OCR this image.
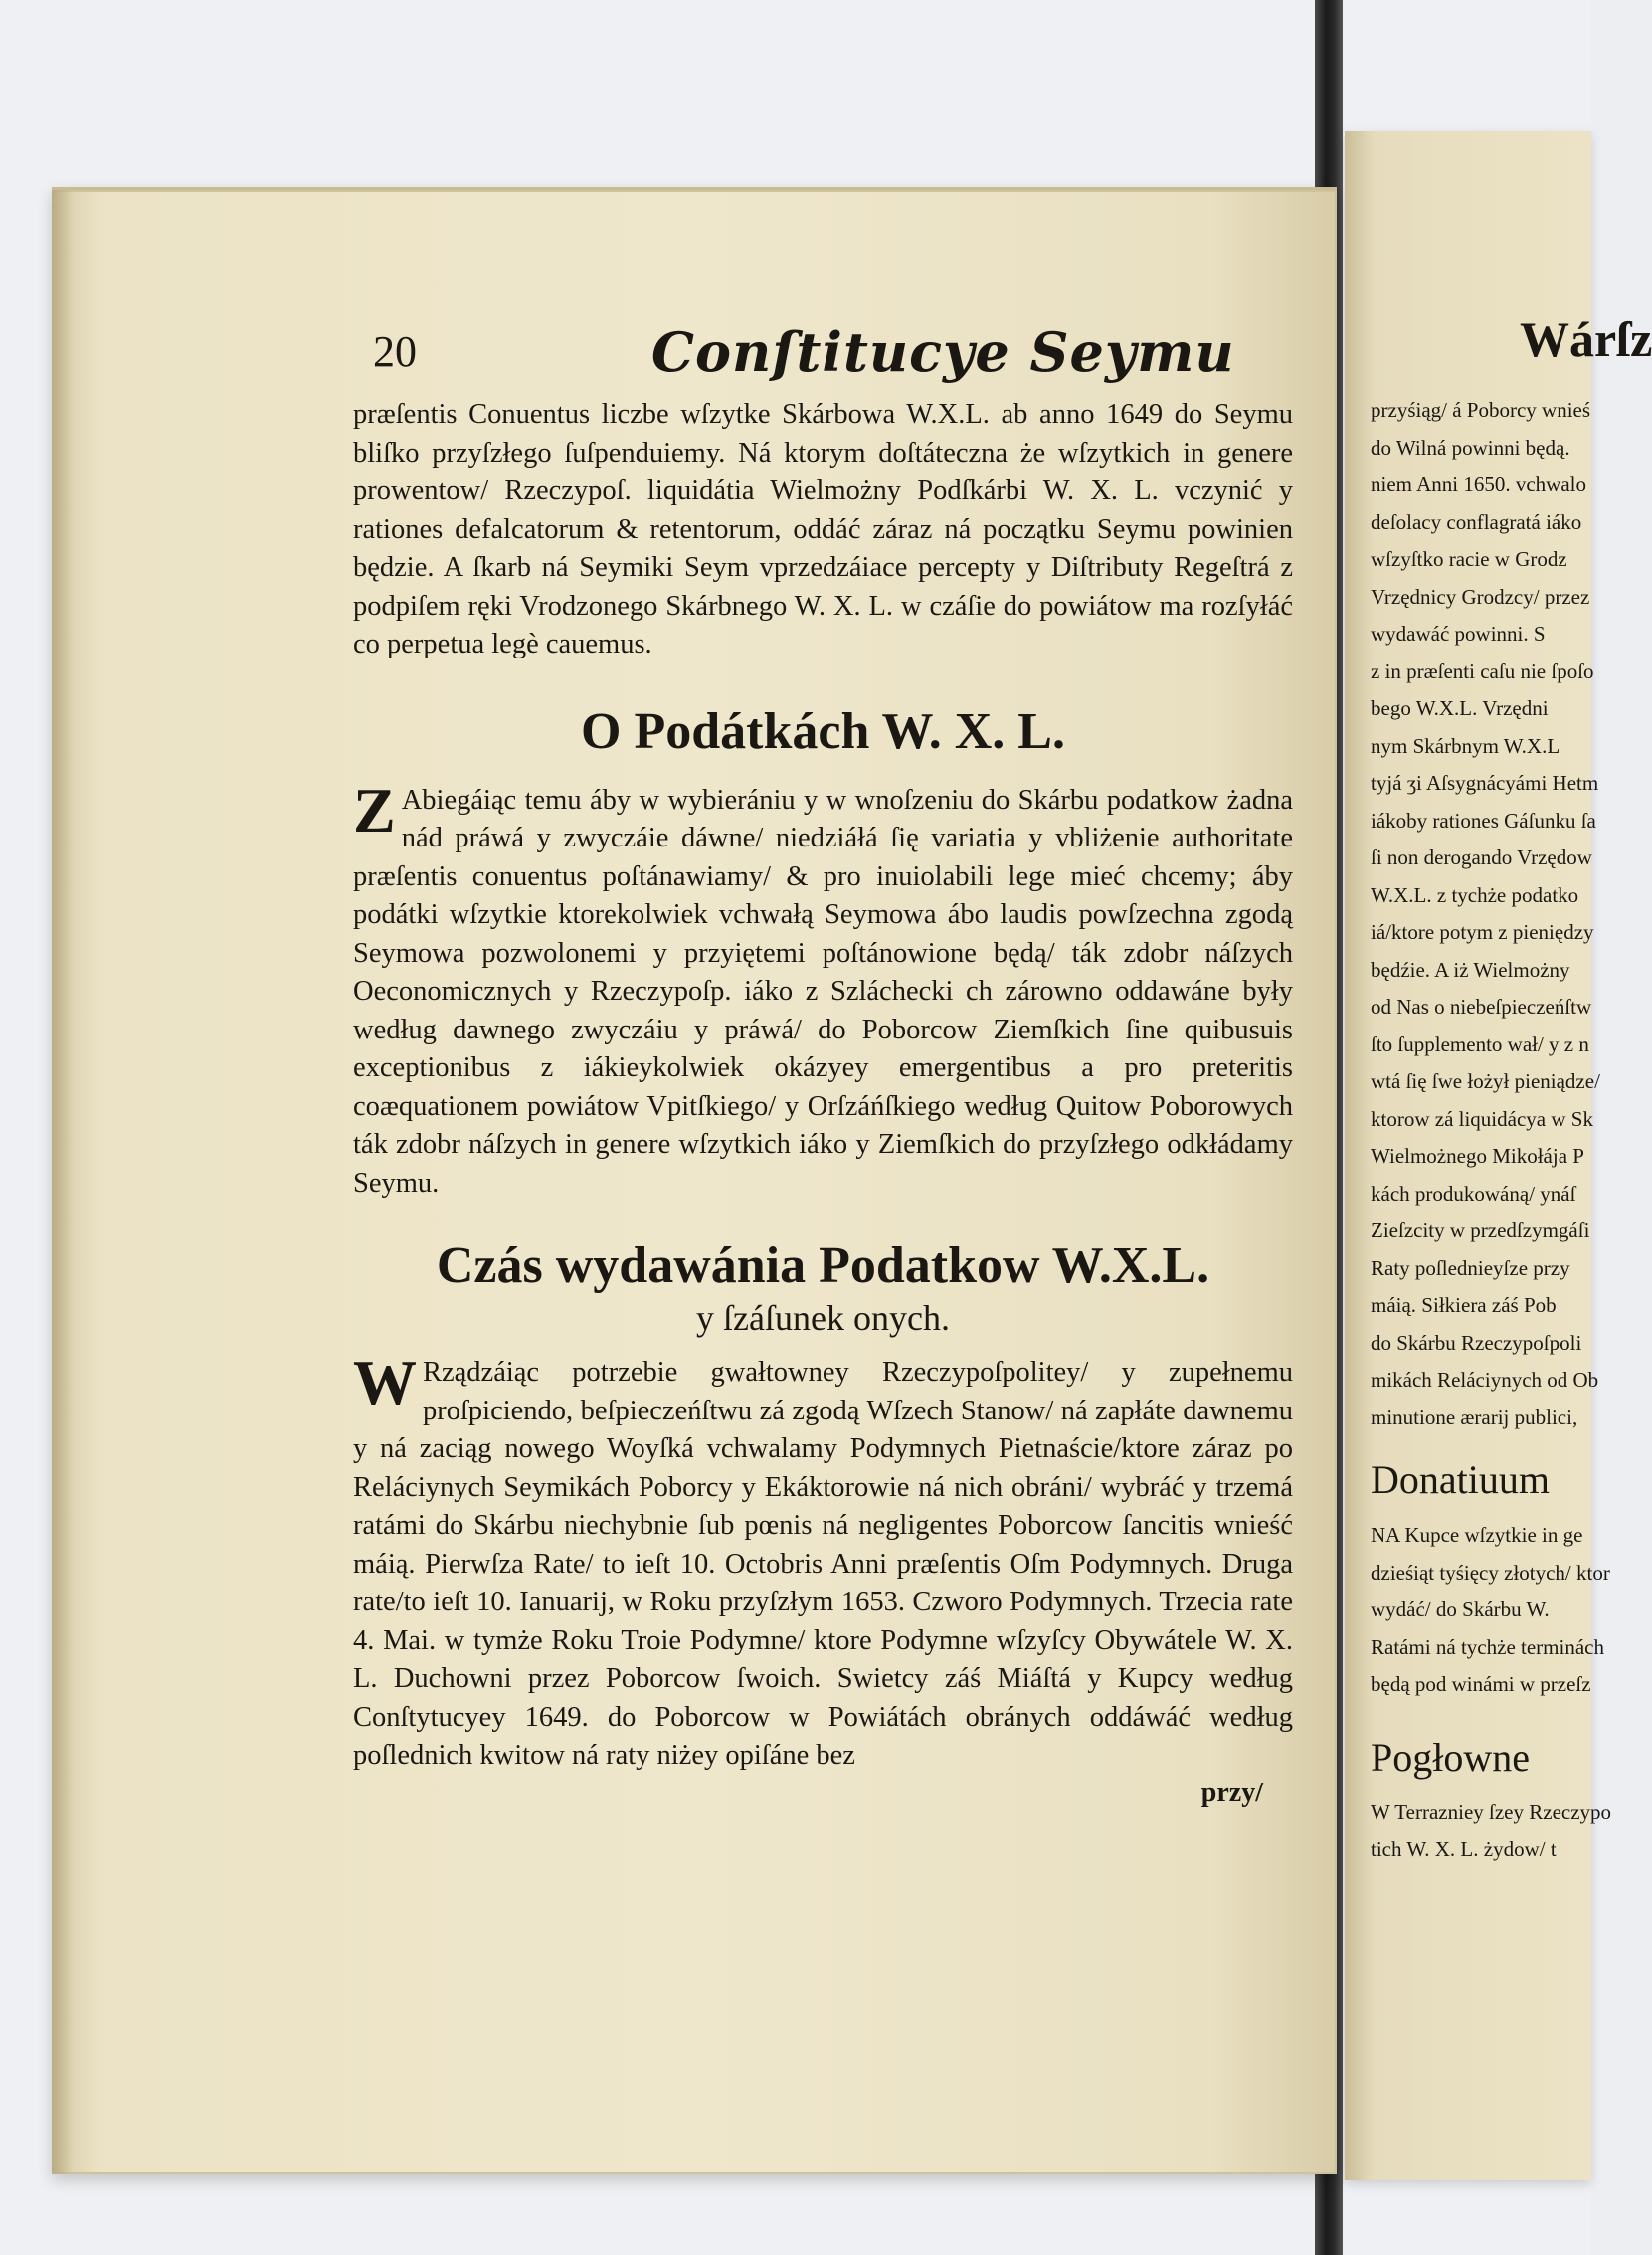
20	Conſtitucye Seymu

præſentis Conuentus liczbe wſzytke Skárbowa W.X.L. ab anno 1649 do Seymu bliſko przyſzłego ſuſpenduiemy. Ná ktorym doſtáteczna że wſzytkich in genere prowentow/ Rzeczypoſ. liquidátia Wielmożny Podſkárbi W. X. L. vczynić y rationes defalcatorum & retentorum, oddáć záraz ná początku Seymu powinien będzie. A ſkarb ná Seymiki Seym vprzedzáiace percepty y Diſtributy Regeſtrá z podpiſem ręki Vrodzonego Skárbnego W. X. L. w czáſie do powiátow ma rozſyłáć co perpetua legè cauemus.

O Podátkách W. X. L.

Z Abiegáiąc temu áby w wybierániu y w wnoſzeniu do Skárbu podatkow żadna nád práwá y zwyczáie dáwne/ niedziáłá ſię variatia y vbliżenie authoritate præſentis conuentus poſtánawiamy/ & pro inuiolabili lege mieć chcemy; áby podátki wſzytkie ktorekolwiek vchwałą Seymowa ábo laudis powſzechna zgodą Seymowa pozwolonemi y przyiętemi poſtánowione będą/ ták zdobr náſzych Oeconomicznych y Rzeczypoſp. iáko z Szláchecki ch zárowno oddawáne były według dawnego zwyczáiu y práwá/ do Poborcow Ziemſkich ſine quibusuis exceptionibus z iákieykolwiek okázyey emergentibus a pro preteritis coæquationem powiátow Vpitſkiego/ y Orſzáńſkiego według Quitow Poborowych ták zdobr náſzych in genere wſzytkich iáko y Ziemſkich do przyſzłego odkłádamy Seymu.

Czás wydawánia Podatkow W.X.L.

y ſzáſunek onych.

W Rządzáiąc potrzebie gwałtowney Rzeczypoſpolitey/ y zupełnemu proſpiciendo, beſpieczeńſtwu zá zgodą Wſzech Stanow/ ná zapłáte dawnemu y ná zaciąg nowego Woyſká vchwalamy Podymnych Pietnaście/ktore záraz po Reláciynych Seymikách Poborcy y Ekáktorowie ná nich obráni/ wybráć y trzemá ratámi do Skárbu niechybnie ſub pœnis ná negligentes Poborcow ſancitis wnieść máią. Pierwſza Rate/ to ieſt 10. Octobris Anni præſentis Oſm Podymnych. Druga rate/to ieſt 10. Ianuarij, w Roku przyſzłym 1653. Czworo Podymnych. Trzecia rate 4. Mai. w tymże Roku Troie Podymne/ ktore Podymne wſzyſcy Obywátele W. X. L. Duchowni przez Poborcow ſwoich. Swietcy záś Miáſtá y Kupcy według Conſtytucyey 1649. do Poborcow w Powiátách obránych oddáwáć według poſlednich kwitow ná raty niżey opiſáne bez

przy/
Wárſz
przyśiąg/ á Poborcy wnieś
do Wilná powinni będą.
niem Anni 1650. vchwalo
deſolacy conflagratá iáko
wſzyſtko racie w Grodz
Vrzędnicy Grodzcy/ przez
wydawáć powinni. S
z in præſenti caſu nie ſpoſo
bego W.X.L. Vrzędni
nym Skárbnym W.X.L
tyjá ʒi Aſsygnácyámi Hetm
iákoby rationes Gáſunku ſa
ſi non derogando Vrzędow
W.X.L. z tychże podatko
iá/ktore potym z pieniędzy
będźie. A iż Wielmożny
od Nas o niebeſpieczeńſtw
ſto ſupplemento wał/ y z n
wtá ſię ſwe łożył pieniądze/
ktorow zá liquidácya w Sk
Wielmożnego Mikołája P
kách produkowáną/ ynáſ
Zieſzcity w przedſzymgáſi
Raty poſlednieyſze przy
máią. Siłkiera záś Pob
do Skárbu Rzeczypoſpoli
mikách Reláciynych od Ob
minutione ærarij publici,
Donatiuum
NA Kupce wſzytkie in ge
dzieśiąt tyśięcy złotych/ ktor
wydáć/ do Skárbu W.
Ratámi ná tychże terminách
będą pod winámi w przeſz
Pogłowne
W Terrazniey ſzey Rzeczypo
tich W. X. L. żydow/ t
